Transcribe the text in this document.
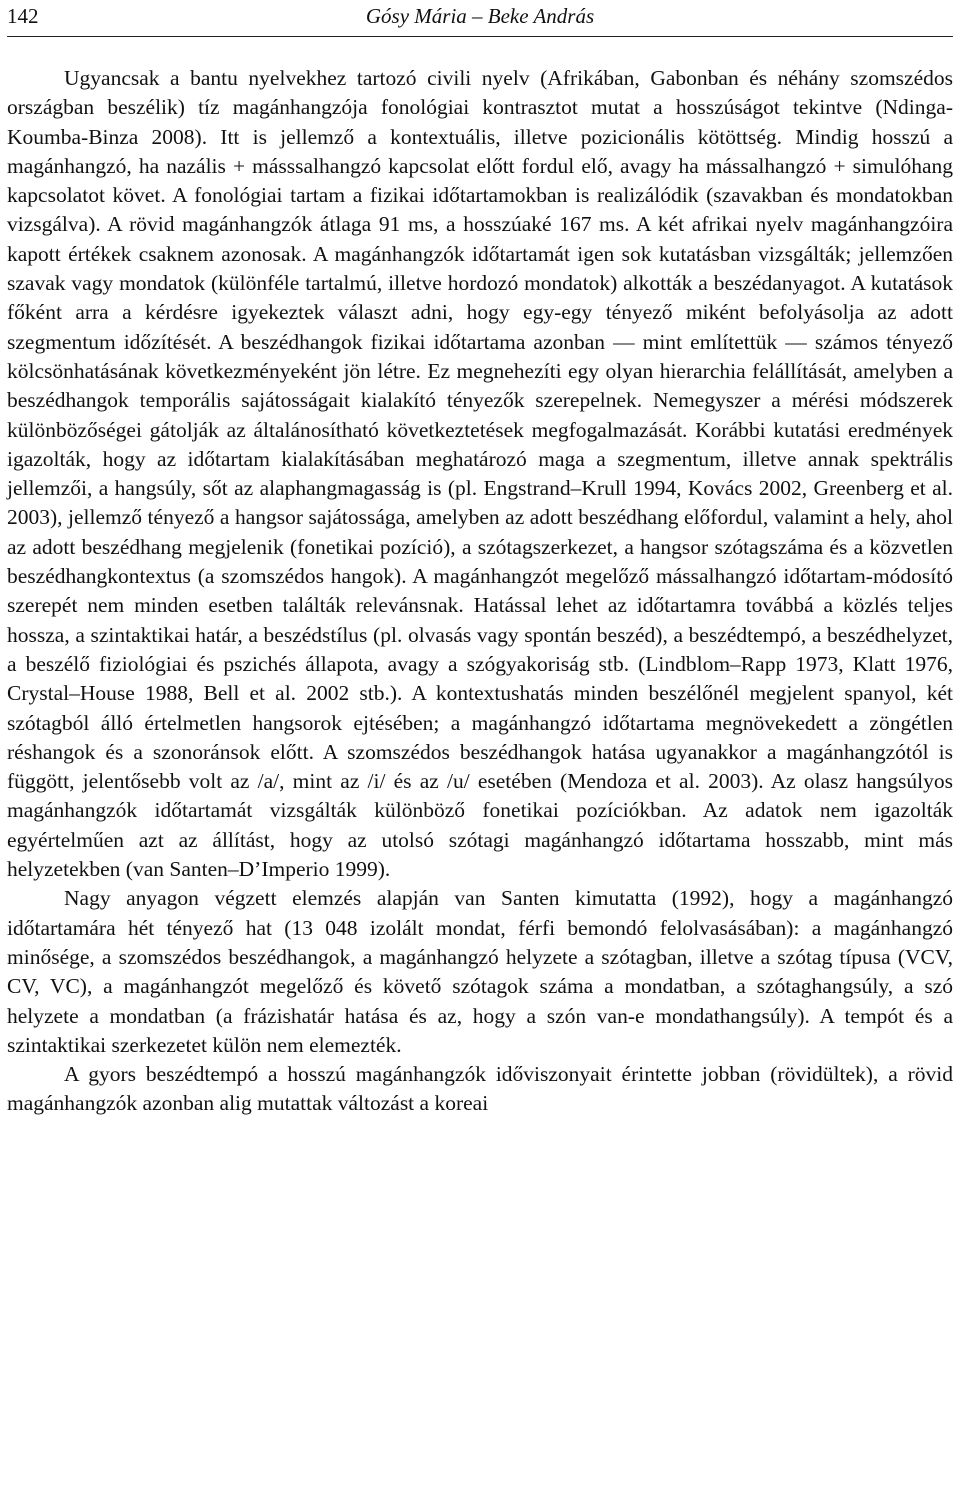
142	Gósy Mária – Beke András

Ugyancsak a bantu nyelvekhez tartozó civili nyelv (Afrikában, Gabonban és néhány szomszédos országban beszélik) tíz magánhangzója fonológiai kontrasztot mutat a hosszúságot tekintve (Ndinga-Koumba-Binza 2008). Itt is jellemző a kontextuális, illetve pozicionális kötöttség. Mindig hosszú a magánhangzó, ha nazális + másssalhangzó kapcsolat előtt fordul elő, avagy ha mássalhangzó + simulóhang kapcsolatot követ. A fonológiai tartam a fizikai időtartamokban is realizálódik (szavakban és mondatokban vizsgálva). A rövid magánhangzók átlaga 91 ms, a hosszúaké 167 ms. A két afrikai nyelv magánhangzóira kapott értékek csaknem azonosak. A magánhangzók időtartamát igen sok kutatásban vizsgálták; jellemzően szavak vagy mondatok (különféle tartalmú, illetve hordozó mondatok) alkották a beszédanyagot. A kutatások főként arra a kérdésre igyekeztek választ adni, hogy egy-egy tényező miként befolyásolja az adott szegmentum időzítését. A beszédhangok fizikai időtartama azonban — mint említettük — számos tényező kölcsönhatásának következményeként jön létre. Ez megnehezíti egy olyan hierarchia felállítását, amelyben a beszédhangok temporális sajátosságait kialakító tényezők szerepelnek. Nemegyszer a mérési módszerek különbözőségei gátolják az általánosítható következtetések megfogalmazását. Korábbi kutatási eredmények igazolták, hogy az időtartam kialakításában meghatározó maga a szegmentum, illetve annak spektrális jellemzői, a hangsúly, sőt az alaphangmagasság is (pl. Engstrand–Krull 1994, Kovács 2002, Greenberg et al. 2003), jellemző tényező a hangsor sajátossága, amelyben az adott beszédhang előfordul, valamint a hely, ahol az adott beszédhang megjelenik (fonetikai pozíció), a szótagszerkezet, a hangsor szótagszáma és a közvetlen beszédhangkontextus (a szomszédos hangok). A magánhangzót megelőző mássalhangzó időtartam-módosító szerepét nem minden esetben találták relevánsnak. Hatással lehet az időtartamra továbbá a közlés teljes hossza, a szintaktikai határ, a beszédstílus (pl. olvasás vagy spontán beszéd), a beszédtempó, a beszédhelyzet, a beszélő fiziológiai és pszichés állapota, avagy a szógyakoriság stb. (Lindblom–Rapp 1973, Klatt 1976, Crystal–House 1988, Bell et al. 2002 stb.). A kontextushatás minden beszélőnél megjelent spanyol, két szótagból álló értelmetlen hangsorok ejtésében; a magánhangzó időtartama megnövekedett a zöngétlen réshangok és a szonoránsok előtt. A szomszédos beszédhangok hatása ugyanakkor a magánhangzótól is függött, jelentősebb volt az /a/, mint az /i/ és az /u/ esetében (Mendoza et al. 2003). Az olasz hangsúlyos magánhangzók időtartamát vizsgálták különböző fonetikai pozíciókban. Az adatok nem igazolták egyértelműen azt az állítást, hogy az utolsó szótagi magánhangzó időtartama hosszabb, mint más helyzetekben (van Santen–D’Imperio 1999).

Nagy anyagon végzett elemzés alapján van Santen kimutatta (1992), hogy a magánhangzó időtartamára hét tényező hat (13 048 izolált mondat, férfi bemondó felolvasásában): a magánhangzó minősége, a szomszédos beszédhangok, a magánhangzó helyzete a szótagban, illetve a szótag típusa (VCV, CV, VC), a magánhangzót megelőző és követő szótagok száma a mondatban, a szótaghangsúly, a szó helyzete a mondatban (a frázishatár hatása és az, hogy a szón van-e mondathangsúly). A tempót és a szintaktikai szerkezetet külön nem elemezték.

A gyors beszédtempó a hosszú magánhangzók időviszonyait érintette jobban (rövidültek), a rövid magánhangzók azonban alig mutattak változást a koreai
